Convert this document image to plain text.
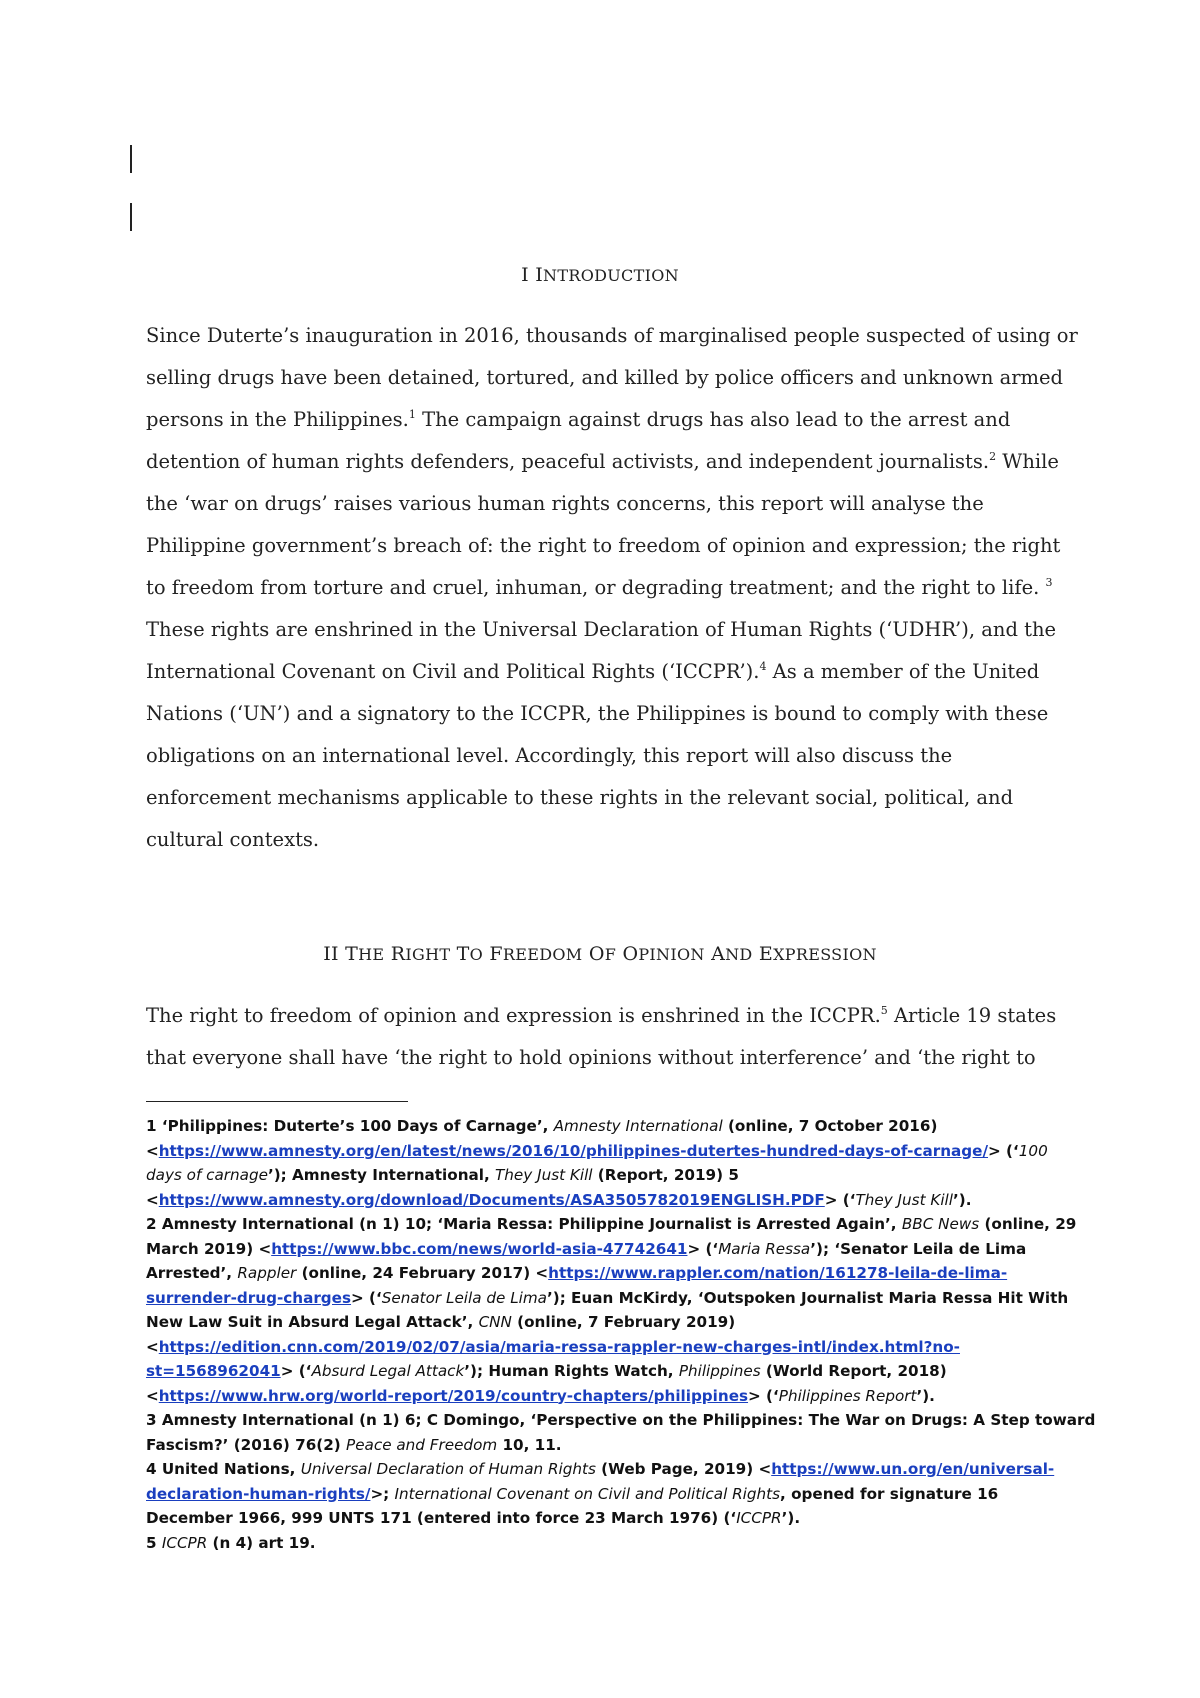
I INTRODUCTION
Since Duterte’s inauguration in 2016, thousands of marginalised people suspected of using or
selling drugs have been detained, tortured, and killed by police officers and unknown armed
persons in the Philippines.$^1$ The campaign against drugs has also lead to the arrest and
detention of human rights defenders, peaceful activists, and independent journalists.$^2$ While
the ‘war on drugs’ raises various human rights concerns, this report will analyse the
Philippine government’s breach of: the right to freedom of opinion and expression; the right
to freedom from torture and cruel, inhuman, or degrading treatment; and the right to life. $^3$
These rights are enshrined in the Universal Declaration of Human Rights (‘UDHR’), and the
International Covenant on Civil and Political Rights (‘ICCPR’).$^4$ As a member of the United
Nations (‘UN’) and a signatory to the ICCPR, the Philippines is bound to comply with these
obligations on an international level. Accordingly, this report will also discuss the
enforcement mechanisms applicable to these rights in the relevant social, political, and
cultural contexts.
II THE RIGHT TO FREEDOM OF OPINION AND EXPRESSION
The right to freedom of opinion and expression is enshrined in the ICCPR.$^5$ Article 19 states
that everyone shall have ‘the right to hold opinions without interference’ and ‘the right to
1 ‘Philippines: Duterte’s 100 Days of Carnage’, Amnesty International (online, 7 October 2016)
<https://www.amnesty.org/en/latest/news/2016/10/philippines-dutertes-hundred-days-of-carnage/> (‘100
days of carnage’); Amnesty International, They Just Kill (Report, 2019) 5
<https://www.amnesty.org/download/Documents/ASA3505782019ENGLISH.PDF> (‘They Just Kill’).
2 Amnesty International (n 1) 10; ‘Maria Ressa: Philippine Journalist is Arrested Again’, BBC News (online, 29
March 2019) <https://www.bbc.com/news/world-asia-47742641> (‘Maria Ressa’); ‘Senator Leila de Lima
Arrested’, Rappler (online, 24 February 2017) <https://www.rappler.com/nation/161278-leila-de-lima-
surrender-drug-charges> (‘Senator Leila de Lima’); Euan McKirdy, ‘Outspoken Journalist Maria Ressa Hit With
New Law Suit in Absurd Legal Attack’, CNN (online, 7 February 2019)
<https://edition.cnn.com/2019/02/07/asia/maria-ressa-rappler-new-charges-intl/index.html?no-
st=1568962041> (‘Absurd Legal Attack’); Human Rights Watch, Philippines (World Report, 2018)
<https://www.hrw.org/world-report/2019/country-chapters/philippines> (‘Philippines Report’).
3 Amnesty International (n 1) 6; C Domingo, ‘Perspective on the Philippines: The War on Drugs: A Step toward
Fascism?’ (2016) 76(2) Peace and Freedom 10, 11.
4 United Nations, Universal Declaration of Human Rights (Web Page, 2019) <https://www.un.org/en/universal-
declaration-human-rights/>; International Covenant on Civil and Political Rights, opened for signature 16
December 1966, 999 UNTS 171 (entered into force 23 March 1976) (‘ICCPR’).
5 ICCPR (n 4) art 19.
